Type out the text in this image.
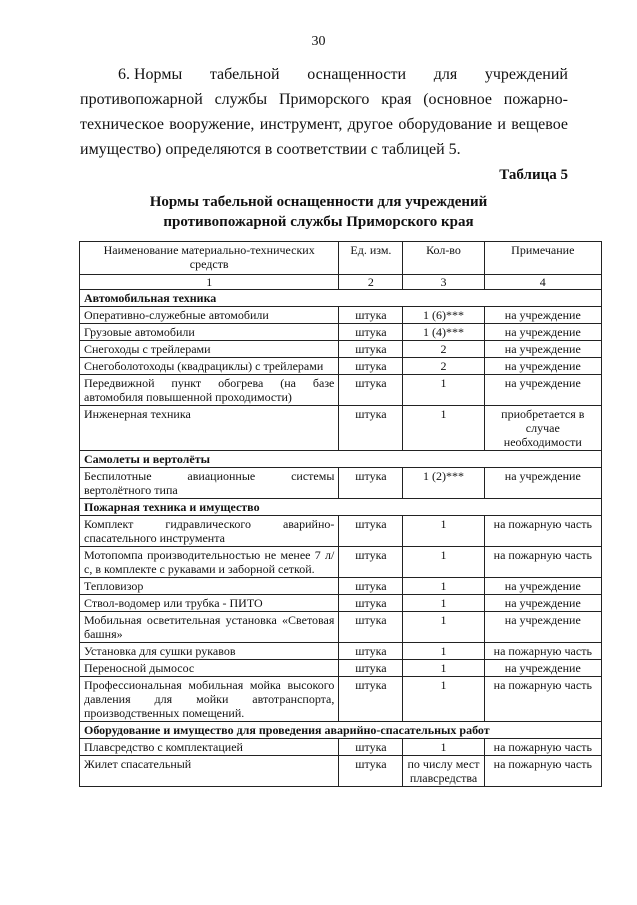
30
6. Нормы табельной оснащенности для учреждений
противопожарной службы Приморского края (основное пожарно-
техническое вооружение, инструмент, другое оборудование и вещевое
имущество) определяются в соответствии с таблицей 5.
Таблица 5
Нормы табельной оснащенности для учреждений
противопожарной службы Приморского края
Наименование материально-технических средств	Ед. изм.	Кол-во	Примечание
1	2	3	4
Автомобильная техника			
Оперативно-служебные автомобили	штука	1 (6)***	на учреждение
Грузовые автомобили	штука	1 (4)***	на учреждение
Снегоходы с трейлерами	штука	2	на учреждение
Снегоболотоходы (квадрациклы) с трейлерами	штука	2	на учреждение
Передвижной пункт обогрева (на базе автомобиля повышенной проходимости)	штука	1	на учреждение
Инженерная техника	штука	1	приобретается в случае необходимости
Самолеты и вертолёты			
Беспилотные авиационные системы вертолётного типа	штука	1 (2)***	на учреждение
Пожарная техника и имущество			
Комплект гидравлического аварийно-спасательного инструмента	штука	1	на пожарную часть
Мотопомпа производительностью не менее 7 л/с, в комплекте с рукавами и заборной сеткой.	штука	1	на пожарную часть
Тепловизор	штука	1	на учреждение
Ствол-водомер или трубка - ПИТО	штука	1	на учреждение
Мобильная осветительная установка «Световая башня»	штука	1	на учреждение
Установка для сушки рукавов	штука	1	на пожарную часть
Переносной дымосос	штука	1	на учреждение
Профессиональная мобильная мойка высокого давления для мойки автотранспорта, производственных помещений.	штука	1	на пожарную часть
Оборудование и имущество для проведения аварийно-спасательных работ			
Плавсредство с комплектацией	штука	1	на пожарную часть
Жилет спасательный	штука	по числу мест плавсредства	на пожарную часть
